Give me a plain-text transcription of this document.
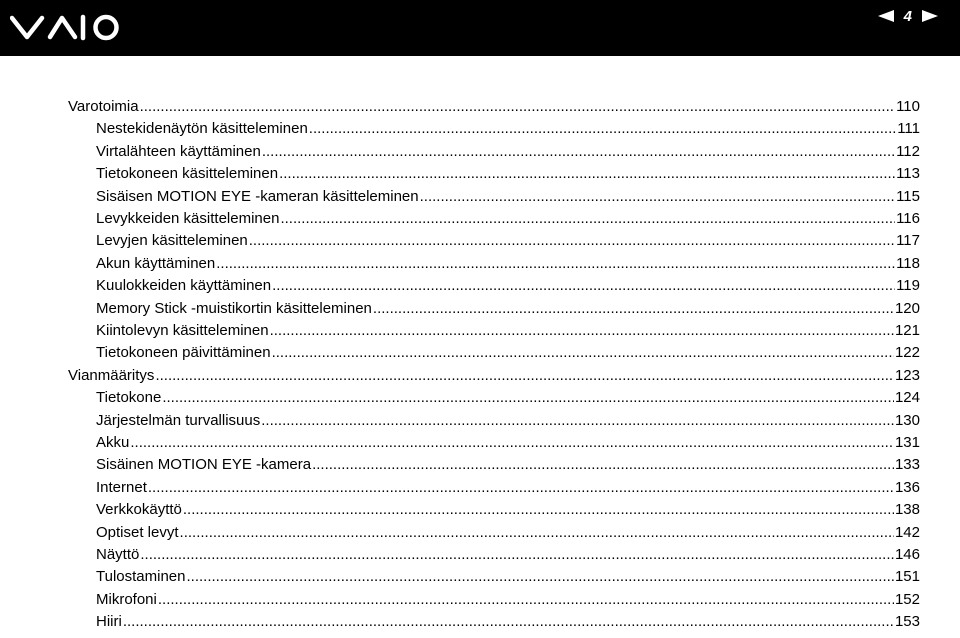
4
Varotoimia .....	110
Nestekidenäytön käsitteleminen .....	111
Virtalähteen käyttäminen .....	112
Tietokoneen käsitteleminen .....	113
Sisäisen MOTION EYE -kameran käsitteleminen .....	115
Levykkeiden käsitteleminen .....	116
Levyjen käsitteleminen .....	117
Akun käyttäminen .....	118
Kuulokkeiden käyttäminen .....	119
Memory Stick -muistikortin käsitteleminen .....	120
Kiintolevyn käsitteleminen .....	121
Tietokoneen päivittäminen .....	122
Vianmääritys .....	123
Tietokone .....	124
Järjestelmän turvallisuus .....	130
Akku .....	131
Sisäinen MOTION EYE -kamera .....	133
Internet .....	136
Verkkokäyttö .....	138
Optiset levyt .....	142
Näyttö .....	146
Tulostaminen .....	151
Mikrofoni .....	152
Hiiri .....	153
